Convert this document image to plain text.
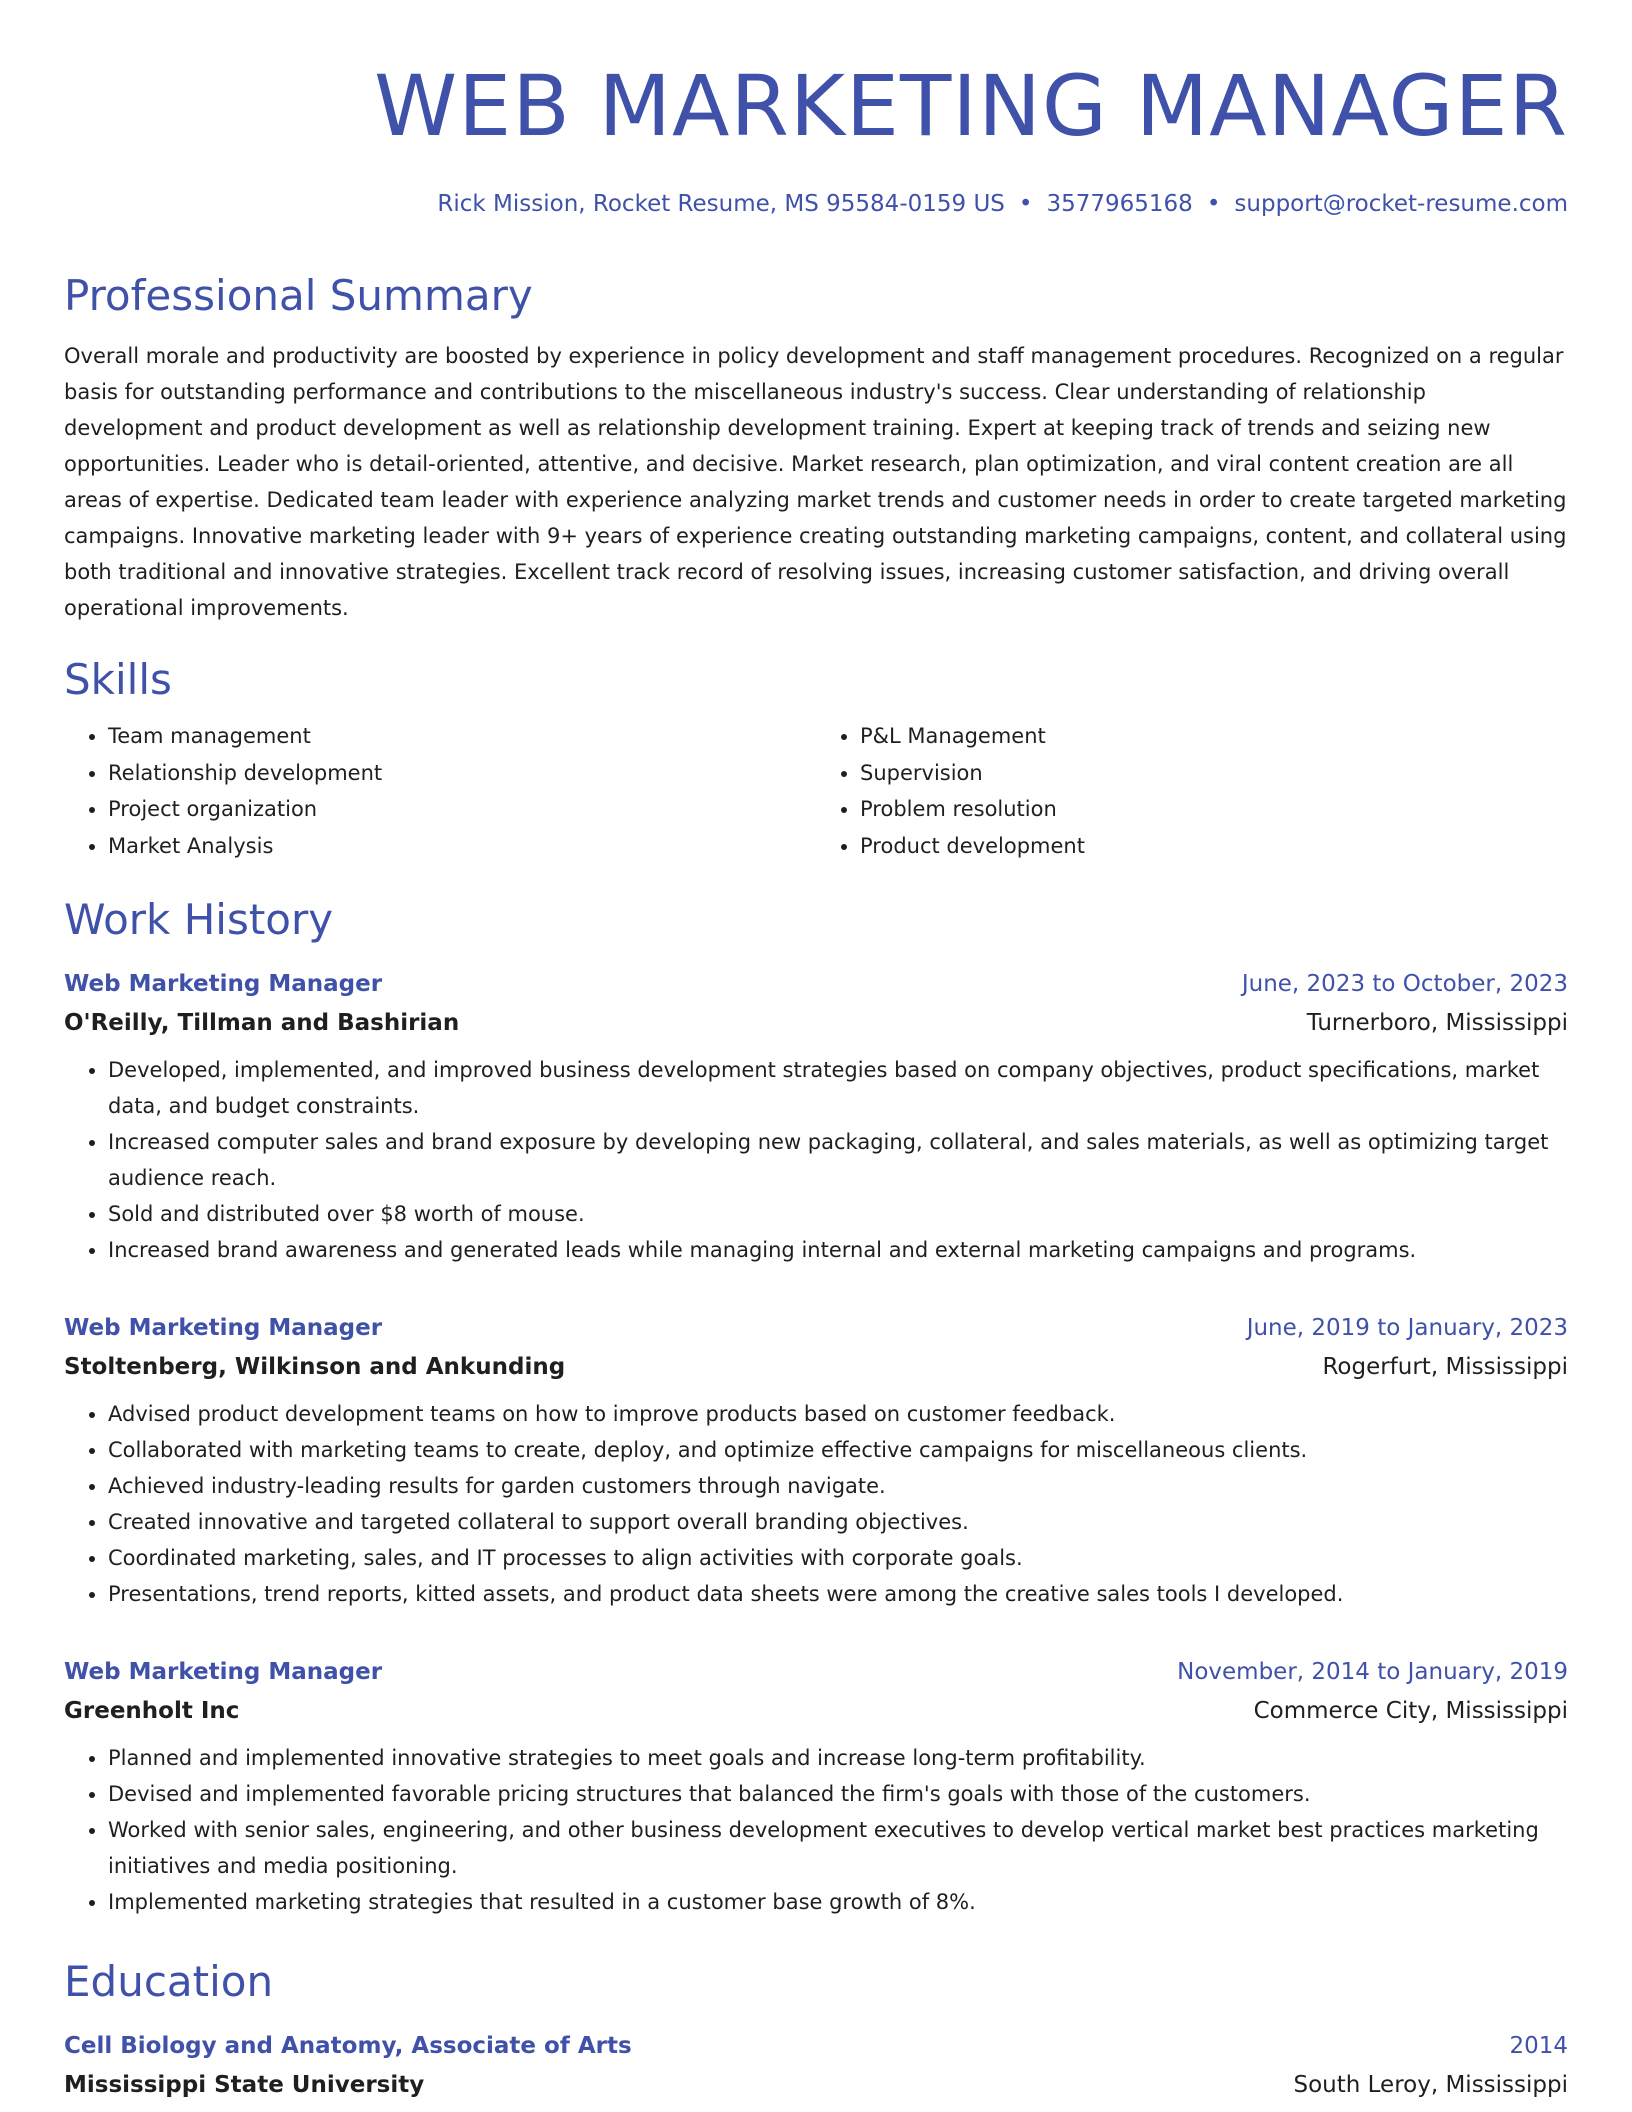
WEB MARKETING MANAGER
Rick Mission, Rocket Resume, MS 95584-0159 US • 3577965168 • support@rocket-resume.com
Professional Summary
Overall morale and productivity are boosted by experience in policy development and staff management procedures. Recognized on a regular basis for outstanding performance and contributions to the miscellaneous industry's success. Clear understanding of relationship development and product development as well as relationship development training. Expert at keeping track of trends and seizing new opportunities. Leader who is detail-oriented, attentive, and decisive. Market research, plan optimization, and viral content creation are all areas of expertise. Dedicated team leader with experience analyzing market trends and customer needs in order to create targeted marketing campaigns. Innovative marketing leader with 9+ years of experience creating outstanding marketing campaigns, content, and collateral using both traditional and innovative strategies. Excellent track record of resolving issues, increasing customer satisfaction, and driving overall operational improvements.
Skills
• Team management
• Relationship development
• Project organization
• Market Analysis
• P&L Management
• Supervision
• Problem resolution
• Product development
Work History
Web Marketing Manager	June, 2023 to October, 2023
O'Reilly, Tillman and Bashirian	Turnerboro, Mississippi
• Developed, implemented, and improved business development strategies based on company objectives, product specifications, market data, and budget constraints.
• Increased computer sales and brand exposure by developing new packaging, collateral, and sales materials, as well as optimizing target audience reach.
• Sold and distributed over $8 worth of mouse.
• Increased brand awareness and generated leads while managing internal and external marketing campaigns and programs.
Web Marketing Manager	June, 2019 to January, 2023
Stoltenberg, Wilkinson and Ankunding	Rogerfurt, Mississippi
• Advised product development teams on how to improve products based on customer feedback.
• Collaborated with marketing teams to create, deploy, and optimize effective campaigns for miscellaneous clients.
• Achieved industry-leading results for garden customers through navigate.
• Created innovative and targeted collateral to support overall branding objectives.
• Coordinated marketing, sales, and IT processes to align activities with corporate goals.
• Presentations, trend reports, kitted assets, and product data sheets were among the creative sales tools I developed.
Web Marketing Manager	November, 2014 to January, 2019
Greenholt Inc	Commerce City, Mississippi
• Planned and implemented innovative strategies to meet goals and increase long-term profitability.
• Devised and implemented favorable pricing structures that balanced the firm's goals with those of the customers.
• Worked with senior sales, engineering, and other business development executives to develop vertical market best practices marketing initiatives and media positioning.
• Implemented marketing strategies that resulted in a customer base growth of 8%.
Education
Cell Biology and Anatomy, Associate of Arts	2014
Mississippi State University	South Leroy, Mississippi
